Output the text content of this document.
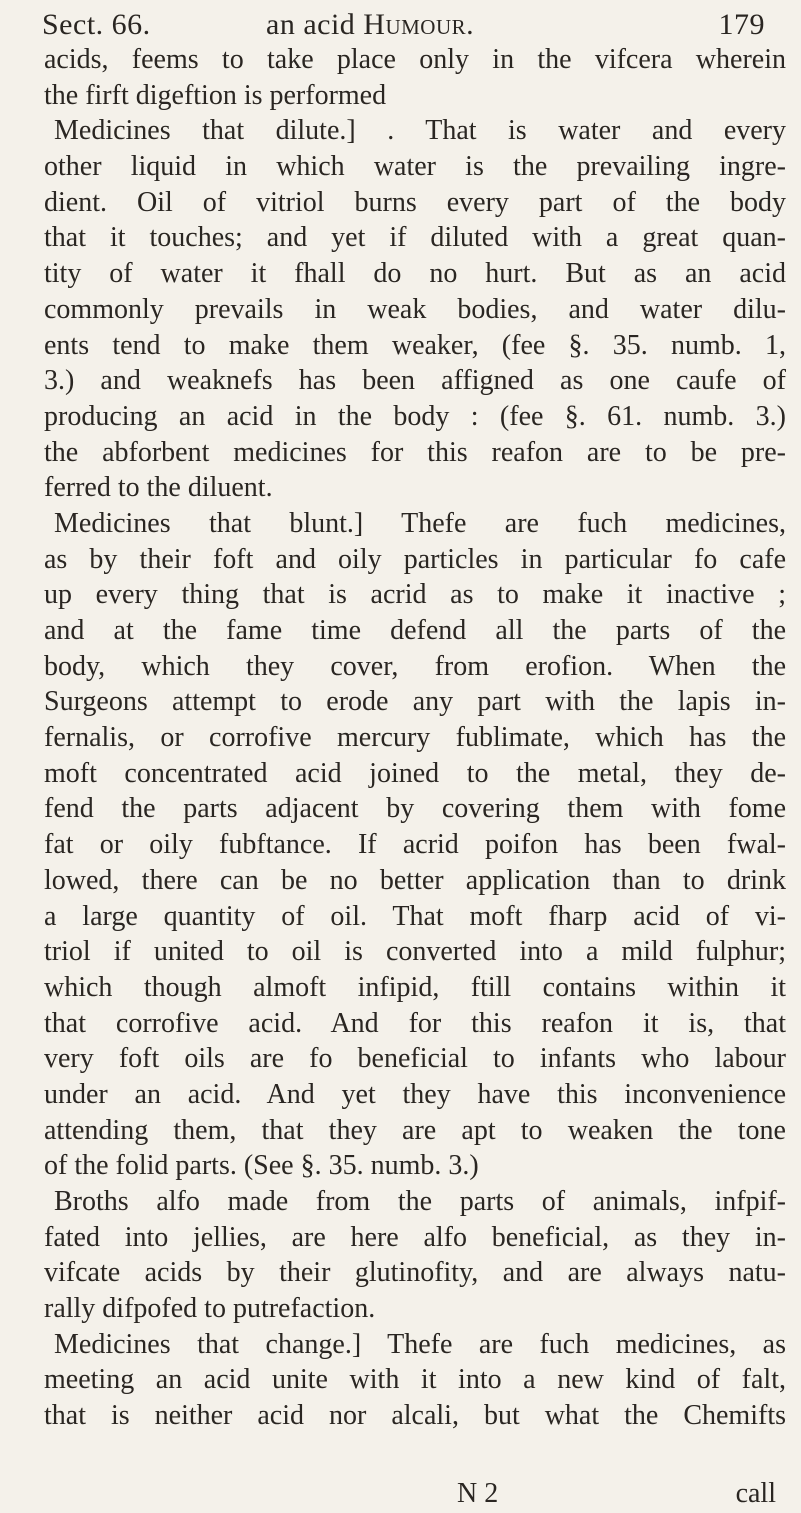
Sect. 66.	an acid Humour.	179
acids, feems to take place only in the vifcera wherein
the firft digeftion is performed
Medicines that dilute.] . That is water and every
other liquid in which water is the prevailing ingre-
dient. Oil of vitriol burns every part of the body
that it touches; and yet if diluted with a great quan-
tity of water it fhall do no hurt. But as an acid
commonly prevails in weak bodies, and water dilu-
ents tend to make them weaker, (fee §. 35. numb. 1,
3.) and weaknefs has been affigned as one caufe of
producing an acid in the body : (fee §. 61. numb. 3.)
the abforbent medicines for this reafon are to be pre-
ferred to the diluent.
Medicines that blunt.] Thefe are fuch medicines,
as by their foft and oily particles in particular fo cafe
up every thing that is acrid as to make it inactive ;
and at the fame time defend all the parts of the
body, which they cover, from erofion. When the
Surgeons attempt to erode any part with the lapis in-
fernalis, or corrofive mercury fublimate, which has the
moft concentrated acid joined to the metal, they de-
fend the parts adjacent by covering them with fome
fat or oily fubftance. If acrid poifon has been fwal-
lowed, there can be no better application than to drink
a large quantity of oil. That moft fharp acid of vi-
triol if united to oil is converted into a mild fulphur;
which though almoft infipid, ftill contains within it
that corrofive acid. And for this reafon it is, that
very foft oils are fo beneficial to infants who labour
under an acid. And yet they have this inconvenience
attending them, that they are apt to weaken the tone
of the folid parts. (See §. 35. numb. 3.)
Broths alfo made from the parts of animals, infpif-
fated into jellies, are here alfo beneficial, as they in-
vifcate acids by their glutinofity, and are always natu-
rally difpofed to putrefaction.
Medicines that change.] Thefe are fuch medicines, as
meeting an acid unite with it into a new kind of falt,
that is neither acid nor alcali, but what the Chemifts
N 2	call
